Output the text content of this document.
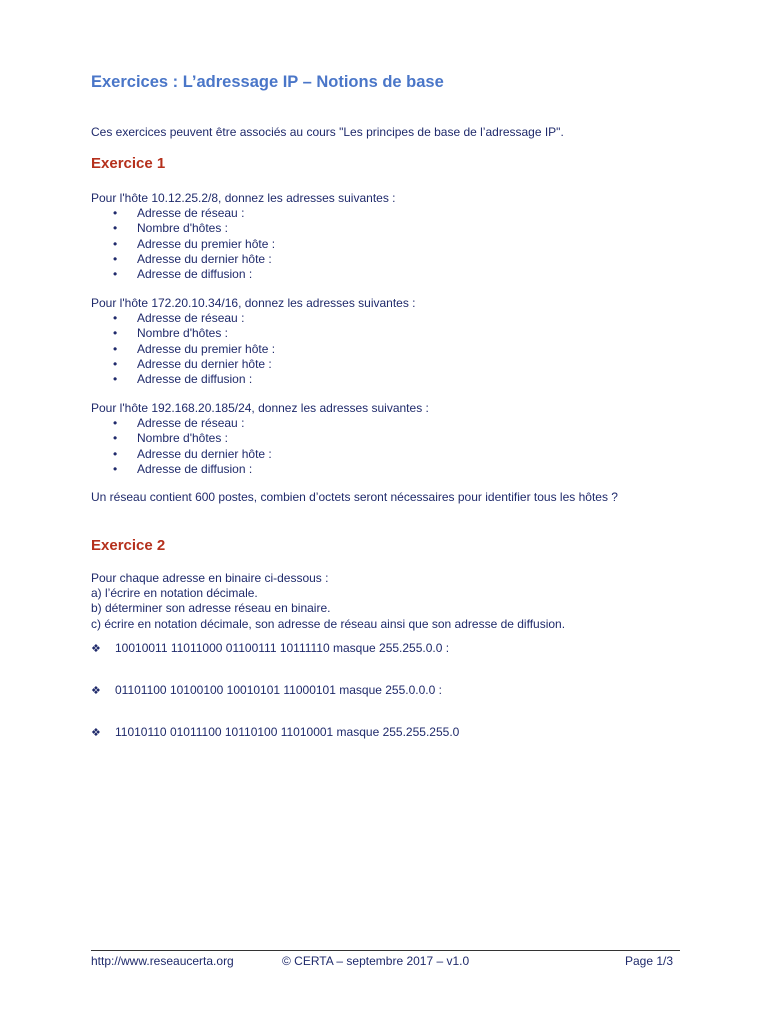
Exercices : L’adressage IP – Notions de base
Ces exercices peuvent être associés au cours "Les principes de base de l’adressage IP".
Exercice 1

Pour l'hôte 10.12.25.2/8, donnez les adresses suivantes :

• Adresse de réseau :
• Nombre d'hôtes :
• Adresse du premier hôte :
• Adresse du dernier hôte :
• Adresse de diffusion :

Pour l'hôte 172.20.10.34/16, donnez les adresses suivantes :

• Adresse de réseau :
• Nombre d'hôtes :
• Adresse du premier hôte :
• Adresse du dernier hôte :
• Adresse de diffusion :

Pour l'hôte 192.168.20.185/24, donnez les adresses suivantes :

• Adresse de réseau :
• Nombre d'hôtes :
• Adresse du dernier hôte :
• Adresse de diffusion :
Un réseau contient 600 postes, combien d’octets seront nécessaires pour identifier tous les hôtes ?
Exercice 2

Pour chaque adresse en binaire ci-dessous :

a) l’écrire en notation décimale.

b) déterminer son adresse réseau en binaire.

c) écrire en notation décimale, son adresse de réseau ainsi que son adresse de diffusion.

❖ 10010011 11011000 01100111 10111110 masque 255.255.0.0 :
❖ 01101100 10100100 10010101 11000101 masque 255.0.0.0 :
❖ 11010110 01011100 10110100 11010001 masque 255.255.255.0
http://www.reseaucerta.org	© CERTA – septembre 2017 – v1.0	Page 1/3
